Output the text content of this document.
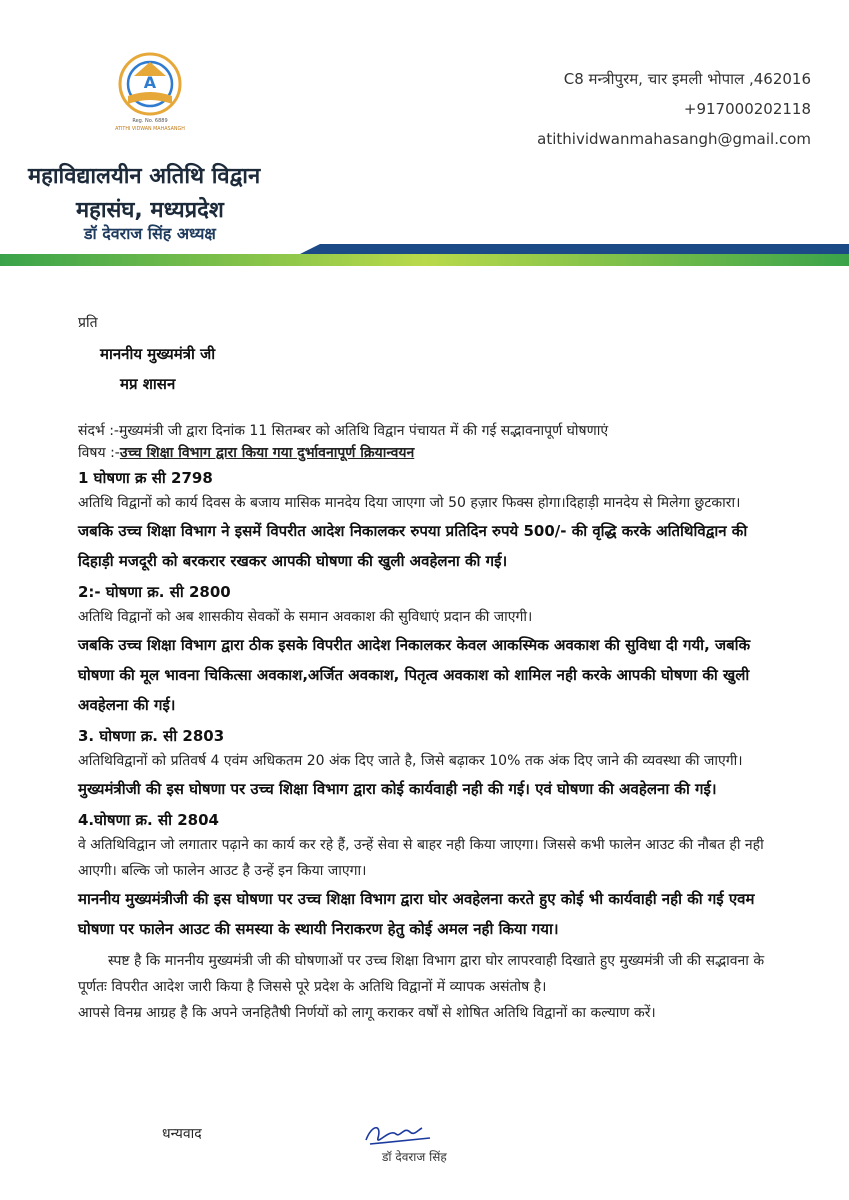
A
Reg. No. 6889
ATITHI VIDWAN MAHASANGH
C8 मन्त्रीपुरम, चार इमली भोपाल ,462016
+917000202118
atithividwanmahasangh@gmail.com
महाविद्यालयीन अतिथि विद्वान
महासंघ, मध्यप्रदेश
डॉ देवराज सिंह अध्यक्ष

प्रति

माननीय मुख्यमंत्री जी

मप्र शासन

संदर्भ :-मुख्यमंत्री जी द्वारा दिनांक 11 सितम्बर को अतिथि विद्वान पंचायत में की गई सद्भावनापूर्ण घोषणाएं

विषय :-उच्च शिक्षा विभाग द्वारा किया गया दुर्भावनापूर्ण क्रियान्वयन

1 घोषणा क्र सी 2798

अतिथि विद्वानों को कार्य दिवस के बजाय मासिक मानदेय दिया जाएगा जो 50 हज़ार फिक्स होगा।दिहाड़ी मानदेय से मिलेगा छुटकारा।

जबकि उच्च शिक्षा विभाग ने इसमें विपरीत आदेश निकालकर रुपया प्रतिदिन रुपये 500/- की वृद्धि करके अतिथिविद्वान की दिहाड़ी मजदूरी को बरकरार रखकर आपकी घोषणा की खुली अवहेलना की गई।

2:- घोषणा क्र. सी 2800

अतिथि विद्वानों को अब शासकीय सेवकों के समान अवकाश की सुविधाएं प्रदान की जाएगी।

जबकि उच्च शिक्षा विभाग द्वारा ठीक इसके विपरीत आदेश निकालकर केवल आकस्मिक अवकाश की सुविधा दी गयी, जबकि घोषणा की मूल भावना चिकित्सा अवकाश,अर्जित अवकाश, पितृत्व अवकाश को शामिल नही करके आपकी घोषणा की खुली अवहेलना की गई।

3. घोषणा क्र. सी 2803

अतिथिविद्वानों को प्रतिवर्ष 4 एवंम अधिकतम 20 अंक दिए जाते है, जिसे बढ़ाकर 10% तक अंक दिए जाने की व्यवस्था की जाएगी।

मुख्यमंत्रीजी की इस घोषणा पर उच्च शिक्षा विभाग द्वारा कोई कार्यवाही नही की गई। एवं घोषणा की अवहेलना की गई।

4.घोषणा क्र. सी 2804

वे अतिथिविद्वान जो लगातार पढ़ाने का कार्य कर रहे हैं, उन्हें सेवा से बाहर नही किया जाएगा। जिससे कभी फालेन आउट की नौबत ही नही आएगी। बल्कि जो फालेन आउट है उन्हें इन किया जाएगा।

माननीय मुख्यमंत्रीजी की इस घोषणा पर उच्च शिक्षा विभाग द्वारा घोर अवहेलना करते हुए कोई भी कार्यवाही नही की गई एवम घोषणा पर फालेन आउट की समस्या के स्थायी निराकरण हेतु कोई अमल नही किया गया।

स्पष्ट है कि माननीय मुख्यमंत्री जी की घोषणाओं पर उच्च शिक्षा विभाग द्वारा घोर लापरवाही दिखाते हुए मुख्यमंत्री जी की सद्भावना के पूर्णतः विपरीत आदेश जारी किया है जिससे पूरे प्रदेश के अतिथि विद्वानों में व्यापक असंतोष है।

आपसे विनम्र आग्रह है कि अपने जनहितैषी निर्णयों को लागू कराकर वर्षों से शोषित अतिथि विद्वानों का कल्याण करें।

धन्यवाद
डॉ देवराज सिंह
